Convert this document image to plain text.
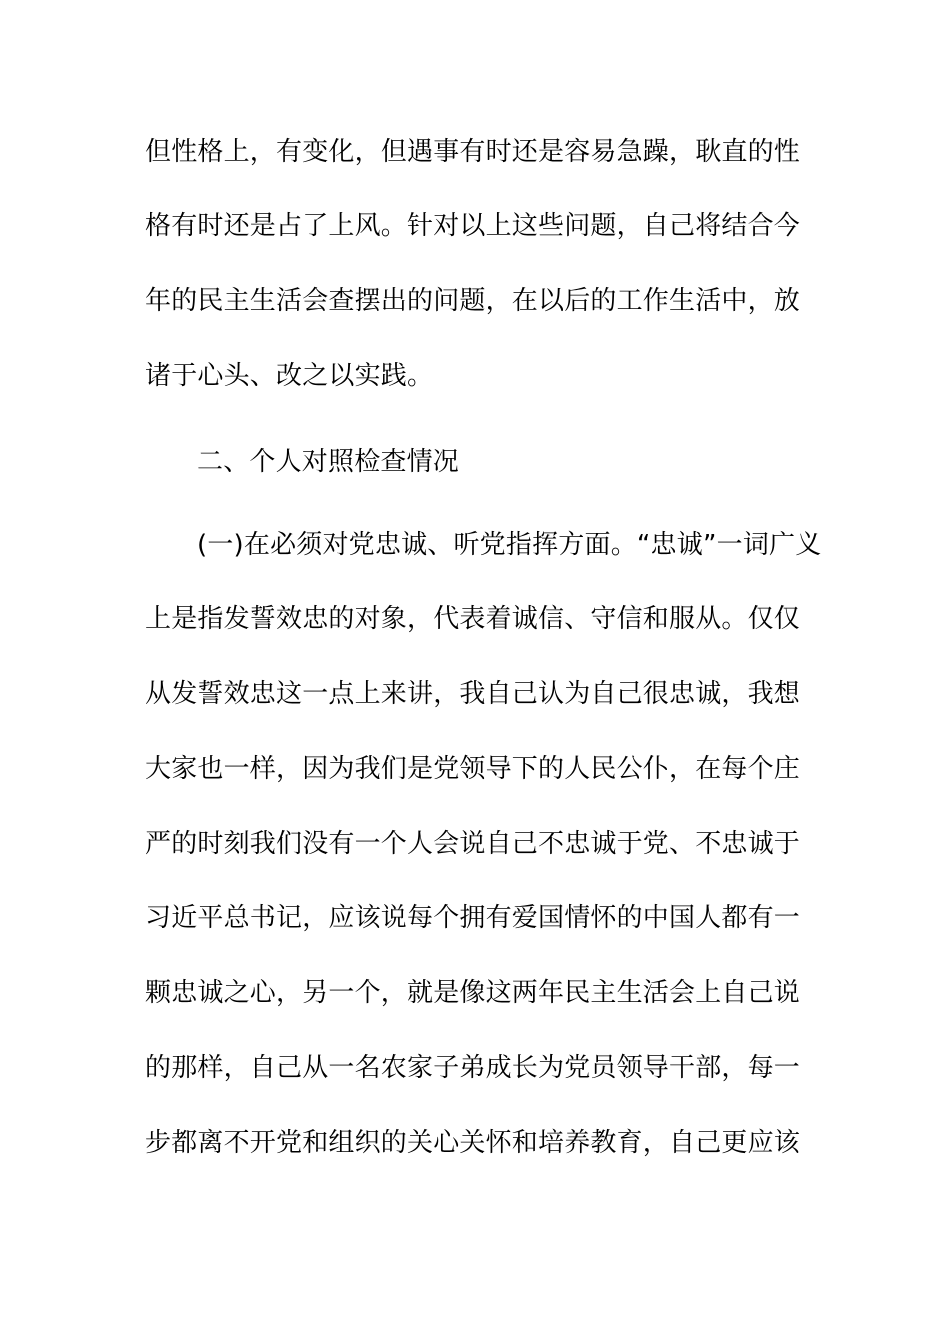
但性格上，有变化，但遇事有时还是容易急躁，耿直的性
格有时还是占了上风。针对以上这些问题，自己将结合今
年的民主生活会查摆出的问题，在以后的工作生活中，放
诸于心头、改之以实践。
二、个人对照检查情况
(一)在必须对党忠诚、听党指挥方面。“忠诚”一词广义
上是指发誓效忠的对象，代表着诚信、守信和服从。仅仅
从发誓效忠这一点上来讲，我自己认为自己很忠诚，我想
大家也一样，因为我们是党领导下的人民公仆，在每个庄
严的时刻我们没有一个人会说自己不忠诚于党、不忠诚于
习近平总书记，应该说每个拥有爱国情怀的中国人都有一
颗忠诚之心，另一个，就是像这两年民主生活会上自己说
的那样，自己从一名农家子弟成长为党员领导干部，每一
步都离不开党和组织的关心关怀和培养教育，自己更应该
